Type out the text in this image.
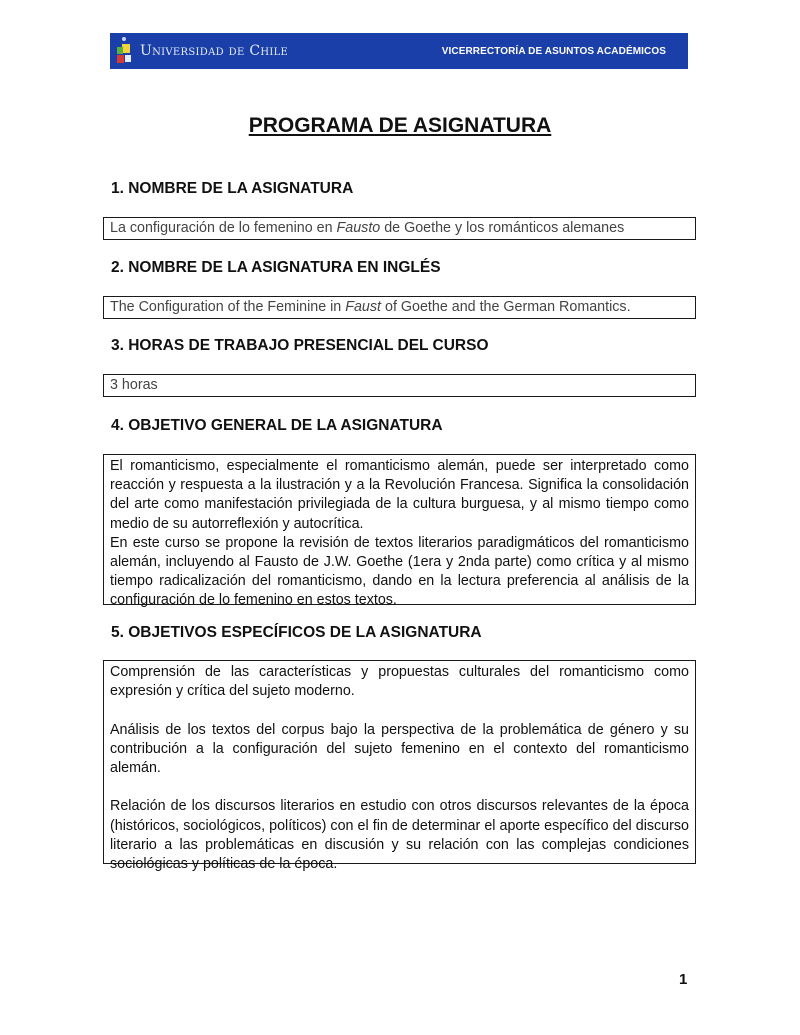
Universidad de Chile	VICERRECTORÍA DE ASUNTOS ACADÉMICOS
PROGRAMA DE ASIGNATURA
1. NOMBRE DE LA ASIGNATURA
La configuración de lo femenino en Fausto de Goethe y los románticos alemanes
2. NOMBRE DE LA ASIGNATURA EN INGLÉS
The Configuration of the Feminine in Faust of Goethe and the German Romantics.
3. HORAS DE TRABAJO PRESENCIAL DEL CURSO
3 horas
4. OBJETIVO GENERAL DE LA ASIGNATURA

El romanticismo, especialmente el romanticismo alemán, puede ser interpretado como reacción y respuesta a la ilustración y a la Revolución Francesa. Significa la consolidación del arte como manifestación privilegiada de la cultura burguesa, y al mismo tiempo como medio de su autorreflexión y autocrítica.

En este curso se propone la revisión de textos literarios paradigmáticos del romanticismo alemán, incluyendo al Fausto de J.W. Goethe (1era y 2nda parte) como crítica y al mismo tiempo radicalización del romanticismo, dando en la lectura preferencia al análisis de la configuración de lo femenino en estos textos.

5. OBJETIVOS ESPECÍFICOS DE LA ASIGNATURA

Comprensión de las características y propuestas culturales del romanticismo como expresión y crítica del sujeto moderno.

Análisis de los textos del corpus bajo la perspectiva de la problemática de género y su contribución a la configuración del sujeto femenino en el contexto del romanticismo alemán.

Relación de los discursos literarios en estudio con otros discursos relevantes de la época (históricos, sociológicos, políticos) con el fin de determinar el aporte específico del discurso literario a las problemáticas en discusión y su relación con las complejas condiciones sociológicas y políticas de la época.

1
